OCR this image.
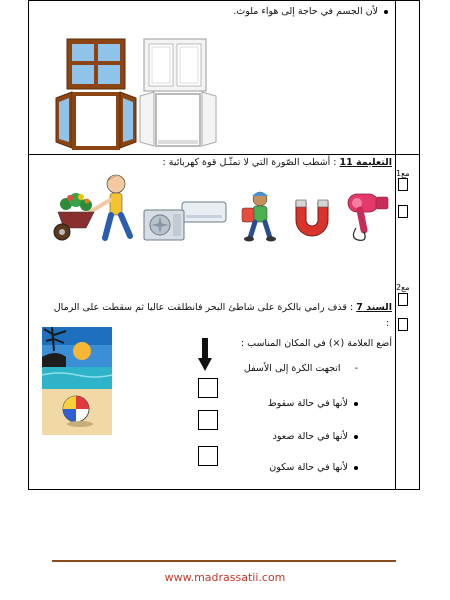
لأن الجسم في حاجة إلى هواء ملوث.
مع1
التعليمة 11 : أشطب الصّورة التي لا تمثّـل قوة كهربائية :
مع2
السند 7 : قذف رامي بالكرة على شاطئ البحر فانطلقت عاليا ثم سقطت على الرمال
:
أضع العلامة (×) في المكان المناسب :
-اتجهت الكرة إلى الأسفل
لأنها في حالة سقوط
لأنها في حالة صعود
لأنها في حالة سكون
www.madrassatii.com
